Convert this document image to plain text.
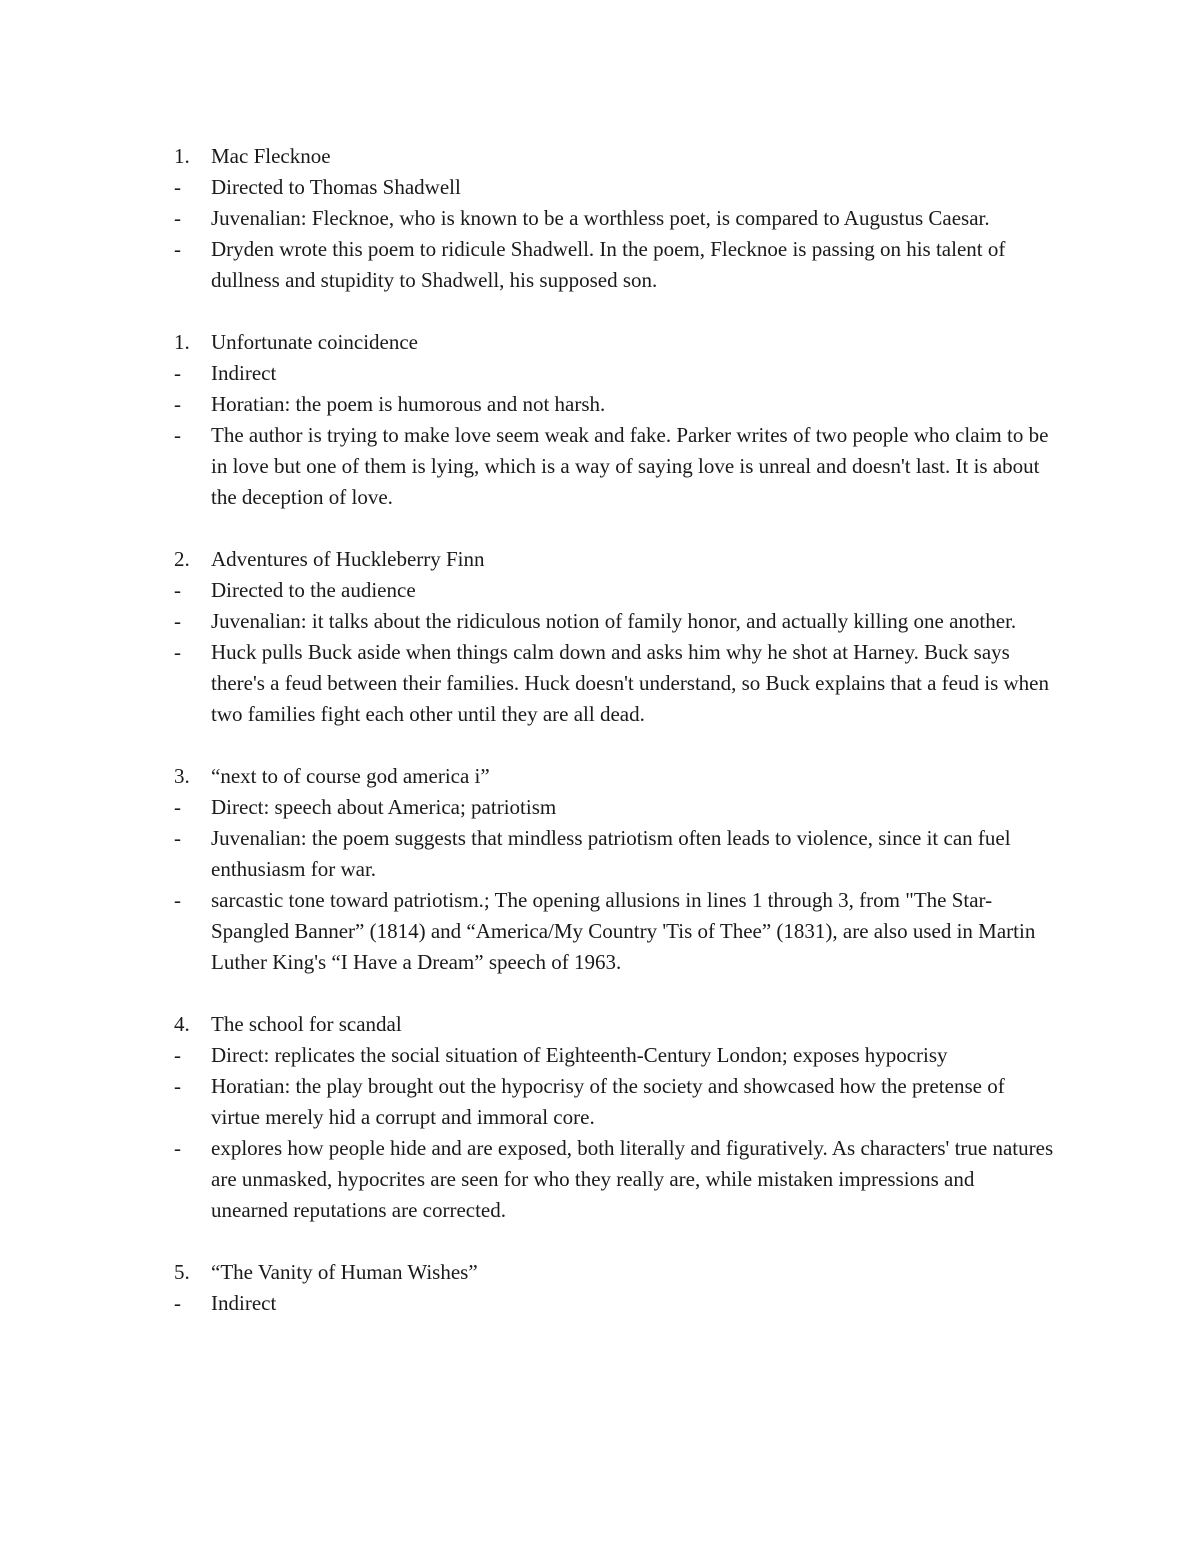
1.	Mac Flecknoe
-	Directed to Thomas Shadwell
-	Juvenalian: Flecknoe, who is known to be a worthless poet, is compared to Augustus Caesar.
-	Dryden wrote this poem to ridicule Shadwell. In the poem, Flecknoe is passing on his talent of dullness and stupidity to Shadwell, his supposed son.
1.	Unfortunate coincidence
-	Indirect
-	Horatian: the poem is humorous and not harsh.
-	The author is trying to make love seem weak and fake. Parker writes of two people who claim to be in love but one of them is lying, which is a way of saying love is unreal and doesn't last. It is about the deception of love.
2.	Adventures of Huckleberry Finn
-	Directed to the audience
-	Juvenalian: it talks about the ridiculous notion of family honor, and actually killing one another.
-	Huck pulls Buck aside when things calm down and asks him why he shot at Harney. Buck says there's a feud between their families. Huck doesn't understand, so Buck explains that a feud is when two families fight each other until they are all dead.
3.	“next to of course god america i”
-	Direct: speech about America; patriotism
-	Juvenalian: the poem suggests that mindless patriotism often leads to violence, since it can fuel enthusiasm for war.
-	sarcastic tone toward patriotism.; The opening allusions in lines 1 through 3, from "The Star-Spangled Banner” (1814) and “America/My Country 'Tis of Thee” (1831), are also used in Martin Luther King's “I Have a Dream” speech of 1963.
4.	The school for scandal
-	Direct: replicates the social situation of Eighteenth-Century London; exposes hypocrisy
-	Horatian: the play brought out the hypocrisy of the society and showcased how the pretense of virtue merely hid a corrupt and immoral core.
-	explores how people hide and are exposed, both literally and figuratively. As characters' true natures are unmasked, hypocrites are seen for who they really are, while mistaken impressions and unearned reputations are corrected.
5.	“The Vanity of Human Wishes”
-	Indirect
